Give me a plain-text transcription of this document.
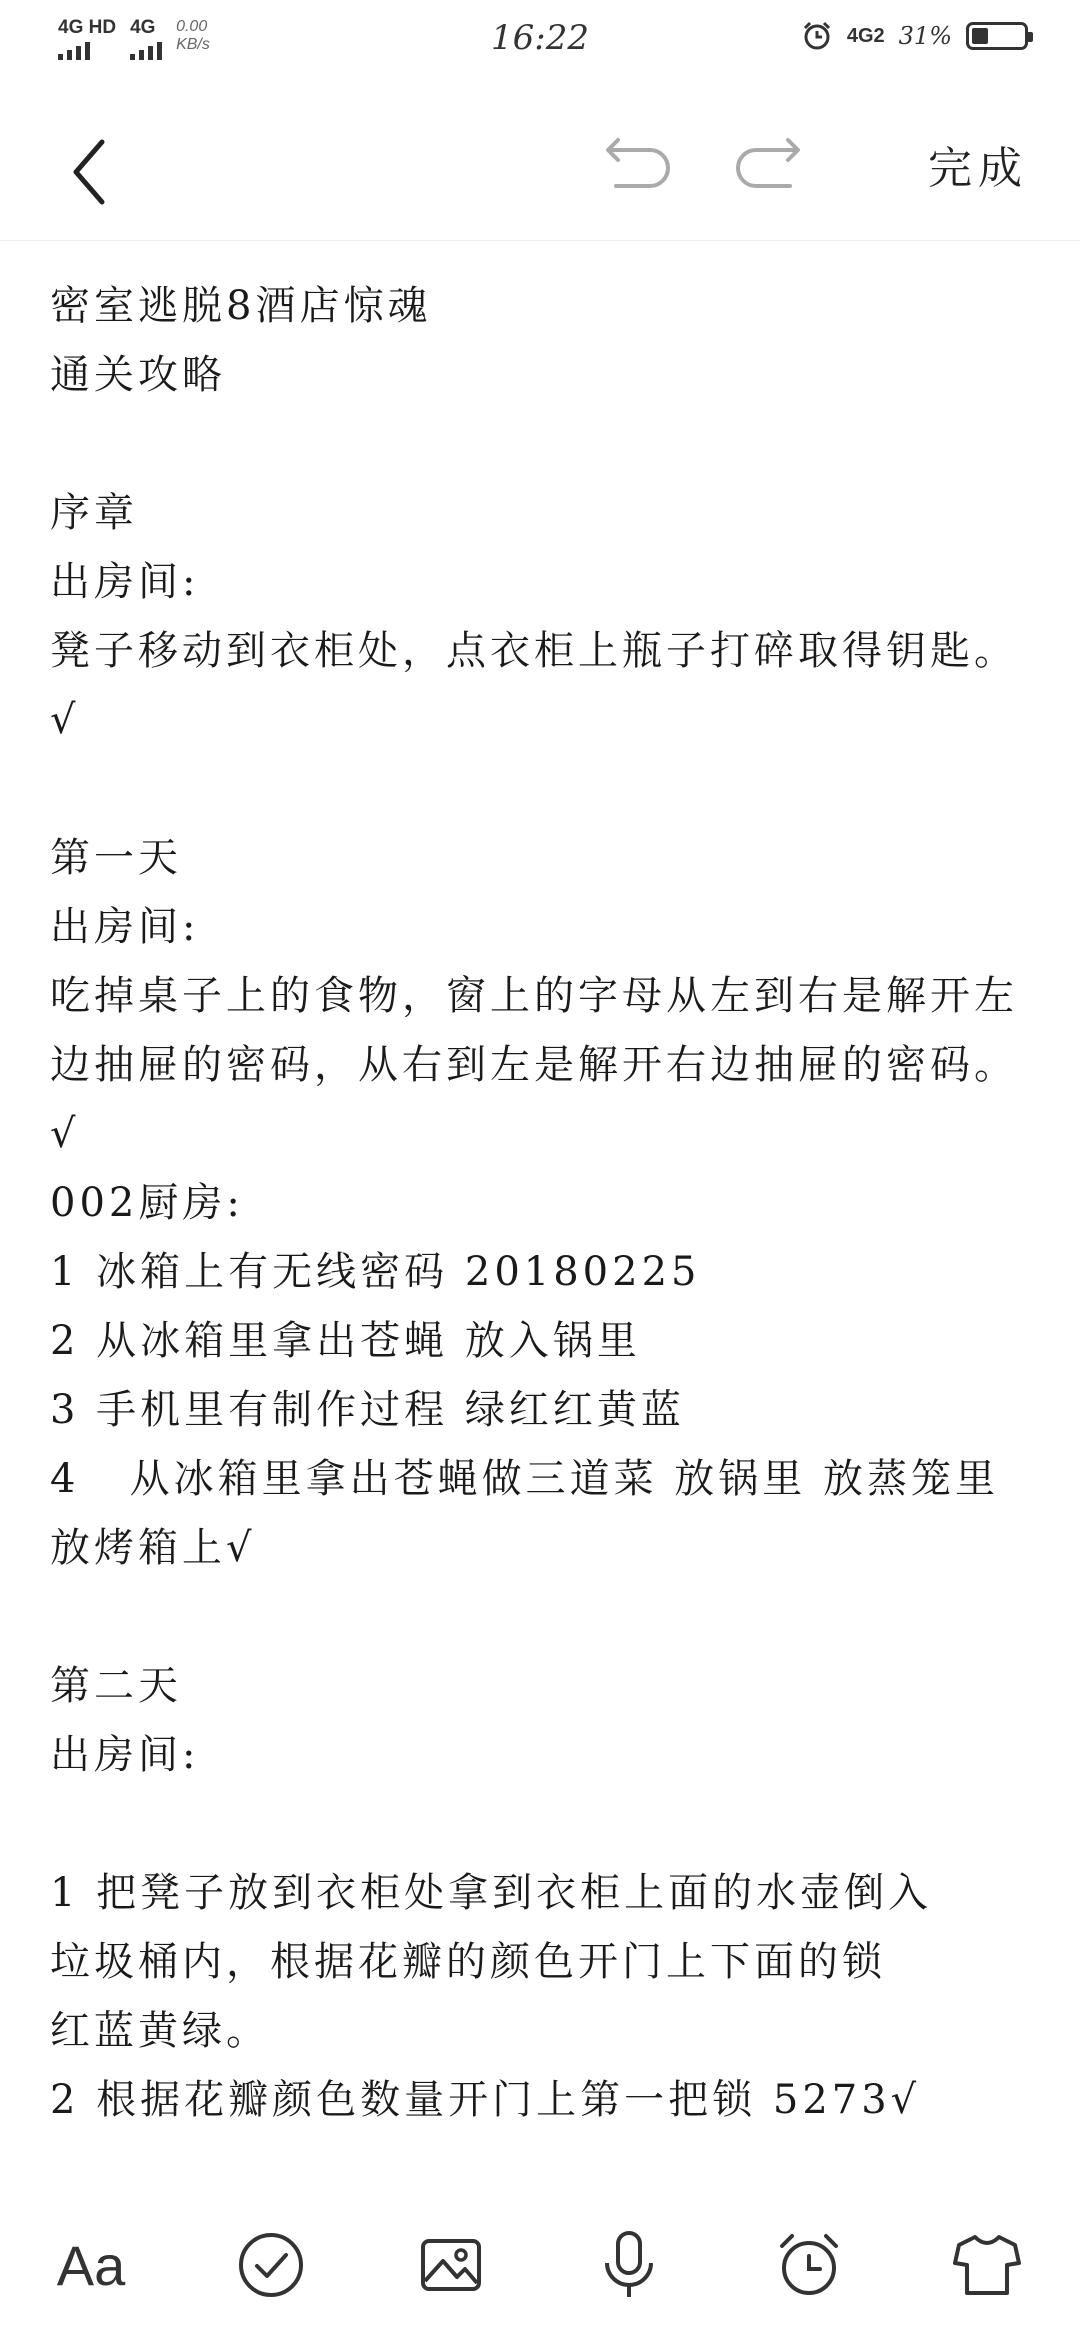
4G HD 4G 0.00
KB/s	16:22	4G2 31%
完成
密室逃脱8酒店惊魂
通关攻略
序章
出房间:
凳子移动到衣柜处，点衣柜上瓶子打碎取得钥匙。√
第一天
出房间:
吃掉桌子上的食物，窗上的字母从左到右是解开左边抽屉的密码，从右到左是解开右边抽屉的密码。√
002厨房:
1 冰箱上有无线密码 20180225
2 从冰箱里拿出苍蝇 放入锅里
3 手机里有制作过程 绿红红黄蓝
4   从冰箱里拿出苍蝇做三道菜 放锅里 放蒸笼里 放烤箱上√
第二天
出房间:
1 把凳子放到衣柜处拿到衣柜上面的水壶倒入
垃圾桶内，根据花瓣的颜色开门上下面的锁
红蓝黄绿。
2 根据花瓣颜色数量开门上第一把锁 5273√
Aa
